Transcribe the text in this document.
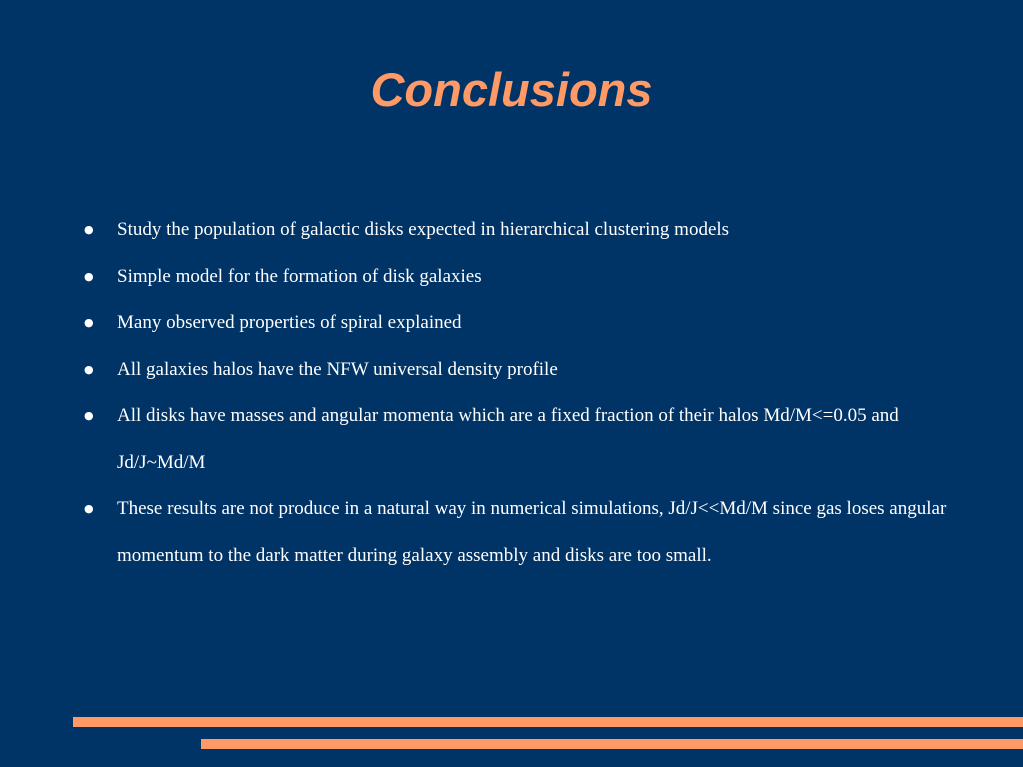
Conclusions
● Study the population of galactic disks expected in hierarchical clustering models
● Simple model for the formation of disk galaxies
● Many observed properties of spiral explained
● All galaxies halos have the NFW universal density profile
● All disks have masses and angular momenta which are a fixed fraction of their halos Md/M<=0.05 and Jd/J~Md/M
● These results are not produce in a natural way in numerical simulations, Jd/J<<Md/M since gas loses angular momentum to the dark matter during galaxy assembly and disks are too small.
